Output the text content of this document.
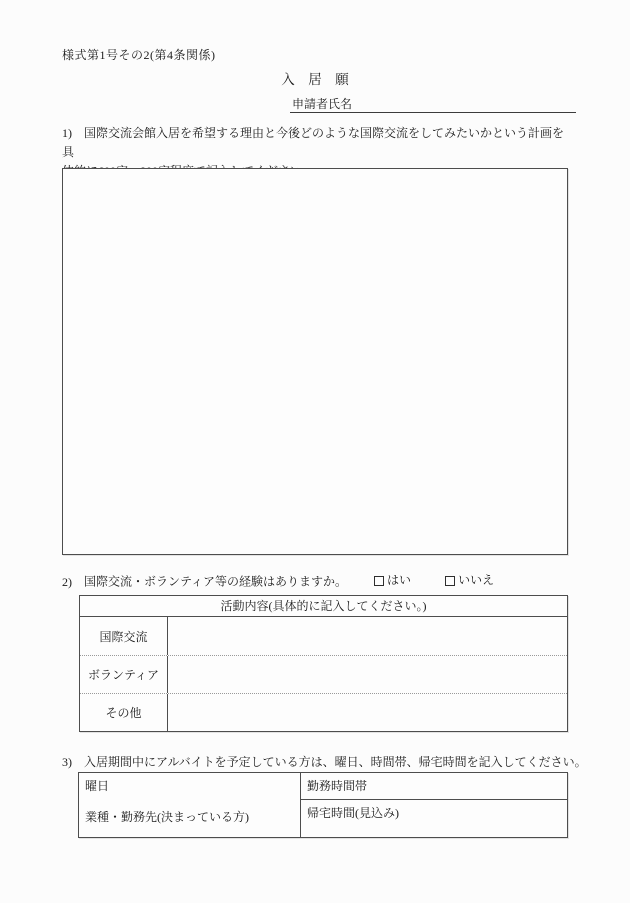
様式第1号その2(第4条関係)
入　居　願
申請者氏名
1) 国際交流会館入居を希望する理由と今後どのような国際交流をしてみたいかという計画を具

2) 国際交流・ボランティア等の経験はありますか。	はい	いいえ
活動内容(具体的に記入してください。)
国際交流
ボランティア
その他
3) 入居期間中にアルバイトを予定している方は、曜日、時間帯、帰宅時間を記入してください。
曜日
業種・勤務先(決まっている方)
勤務時間帯
帰宅時間(見込み)
